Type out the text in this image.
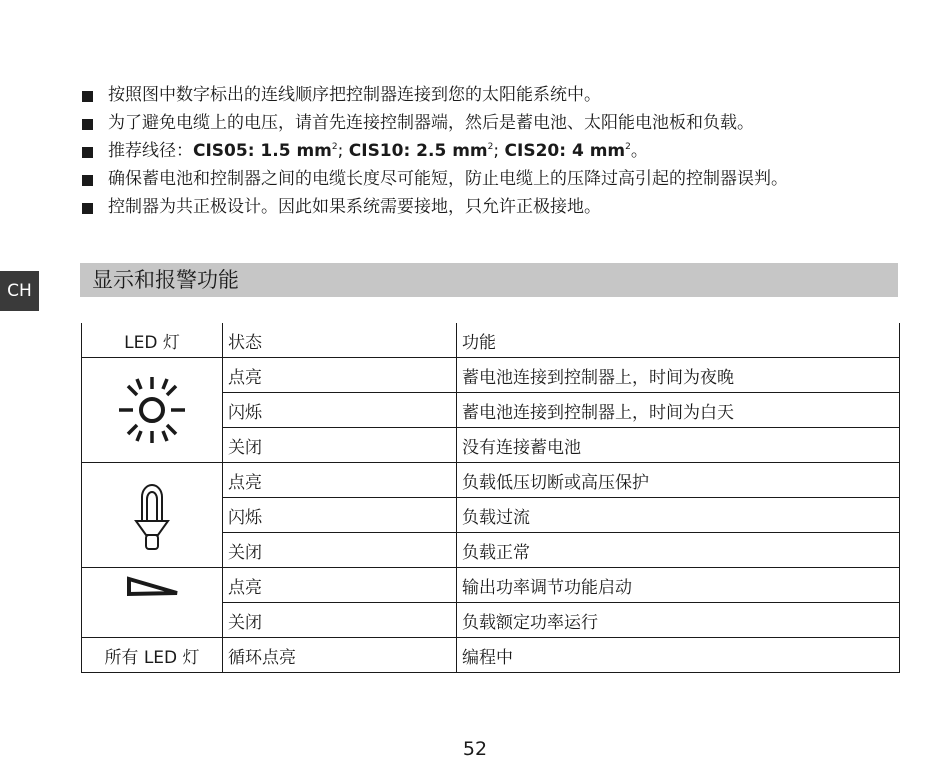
CH
按照图中数字标出的连线顺序把控制器连接到您的太阳能系统中。
为了避免电缆上的电压，请首先连接控制器端，然后是蓄电池、太阳能电池板和负载。
推荐线径：CIS05: 1.5 $mm^2$; CIS10: 2.5 $mm^2$; CIS20: 4 $mm^2$。
确保蓄电池和控制器之间的电缆长度尽可能短，防止电缆上的压降过高引起的控制器误判。
控制器为共正极设计。因此如果系统需要接地，只允许正极接地。
显示和报警功能
LED 灯	状态	功能

	点亮	蓄电池连接到控制器上，时间为夜晚
	闪烁	蓄电池连接到控制器上，时间为白天
	关闭	没有连接蓄电池

	点亮	负载低压切断或高压保护
	闪烁	负载过流
	关闭	负载正常

	点亮	输出功率调节功能启动
	关闭	负载额定功率运行
所有 LED 灯	循环点亮	编程中
52
